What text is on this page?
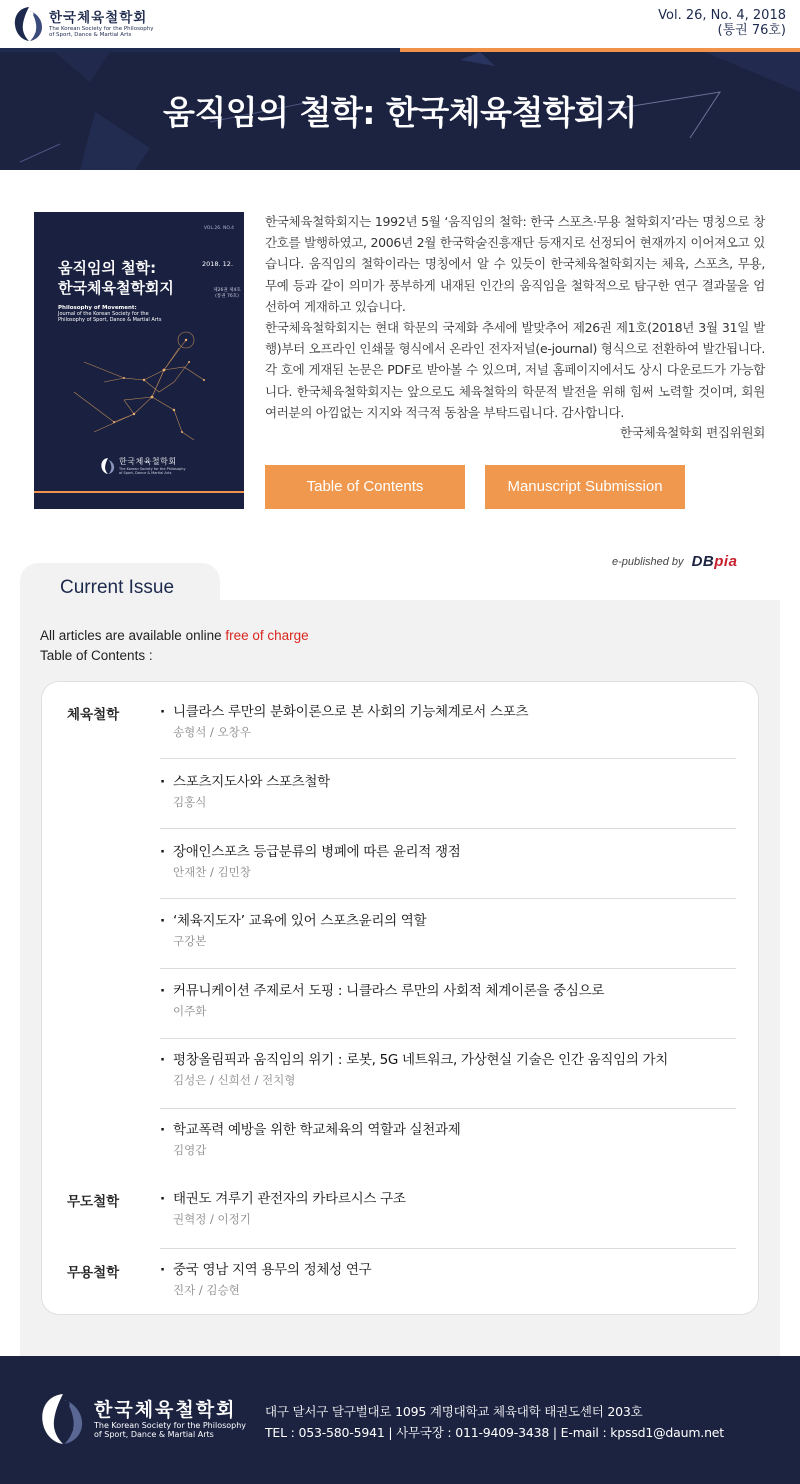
한국체육철학회
The Korean Society for the Philosophy of Sport, Dance & Martial Arts
Vol. 26, No. 4, 2018
(통권 76호)
움직임의 철학: 한국체육철학회지
VOL.26. NO.4
움직임의 철학:
한국체육철학회지
Philosophy of Movement:
Journal of the Korean Society for the Philosophy of Sport, Dance & Martial Arts
2018. 12.
제26권 제4호 (통권 76호)
한국체육철학회
The Korean Society for the Philosophy of Sport, Dance & Martial Arts

한국체육철학회지는 1992년 5월 ‘움직임의 철학: 한국 스포츠·무용 철학회지’라는 명칭으로 창간호를 발행하였고, 2006년 2월 한국학술진흥재단 등재지로 선정되어 현재까지 이어져오고 있습니다. 움직임의 철학이라는 명칭에서 알 수 있듯이 한국체육철학회지는 체육, 스포츠, 무용, 무예 등과 같이 의미가 풍부하게 내재된 인간의 움직임을 철학적으로 탐구한 연구 결과물을 엄선하여 게재하고 있습니다.

한국체육철학회지는 현대 학문의 국제화 추세에 발맞추어 제26권 제1호(2018년 3월 31일 발행)부터 오프라인 인쇄물 형식에서 온라인 전자저널(e-journal) 형식으로 전환하여 발간됩니다. 각 호에 게재된 논문은 PDF로 받아볼 수 있으며, 저널 홈페이지에서도 상시 다운로드가 가능합니다. 한국체육철학회지는 앞으로도 체육철학의 학문적 발전을 위해 힘써 노력할 것이며, 회원 여러분의 아낌없는 지지와 적극적 동참을 부탁드립니다. 감사합니다.

한국체육철학회 편집위원회
Table of Contents	Manuscript Submission
e-published by DBpia
Current Issue
All articles are available online free of charge
Table of Contents :
체육철학
무도철학
무용철학
· 니클라스 루만의 분화이론으로 본 사회의 기능체계로서 스포츠
송형석 / 오창우
· 스포츠지도사와 스포츠철학
김홍식
· 장애인스포츠 등급분류의 병폐에 따른 윤리적 쟁점
안재찬 / 김민창
· ‘체육지도자’ 교육에 있어 스포츠윤리의 역할
구강본
· 커뮤니케이션 주제로서 도핑 : 니클라스 루만의 사회적 체계이론을 중심으로
이주화
· 평창올림픽과 움직임의 위기 : 로봇, 5G 네트워크, 가상현실 기술은 인간 움직임의 가치
김성은 / 신희선 / 전치형
· 학교폭력 예방을 위한 학교체육의 역할과 실천과제
김영갑
· 태권도 겨루기 관전자의 카타르시스 구조
권혁정 / 이정기
· 중국 영남 지역 용무의 정체성 연구
진자 / 김승현
한국체육철학회
The Korean Society for the Philosophy of Sport, Dance & Martial Arts
대구 달서구 달구벌대로 1095 계명대학교 체육대학 태권도센터 203호
TEL : 053-580-5941 | 사무국장 : 011-9409-3438 | E-mail : kpssd1@daum.net
